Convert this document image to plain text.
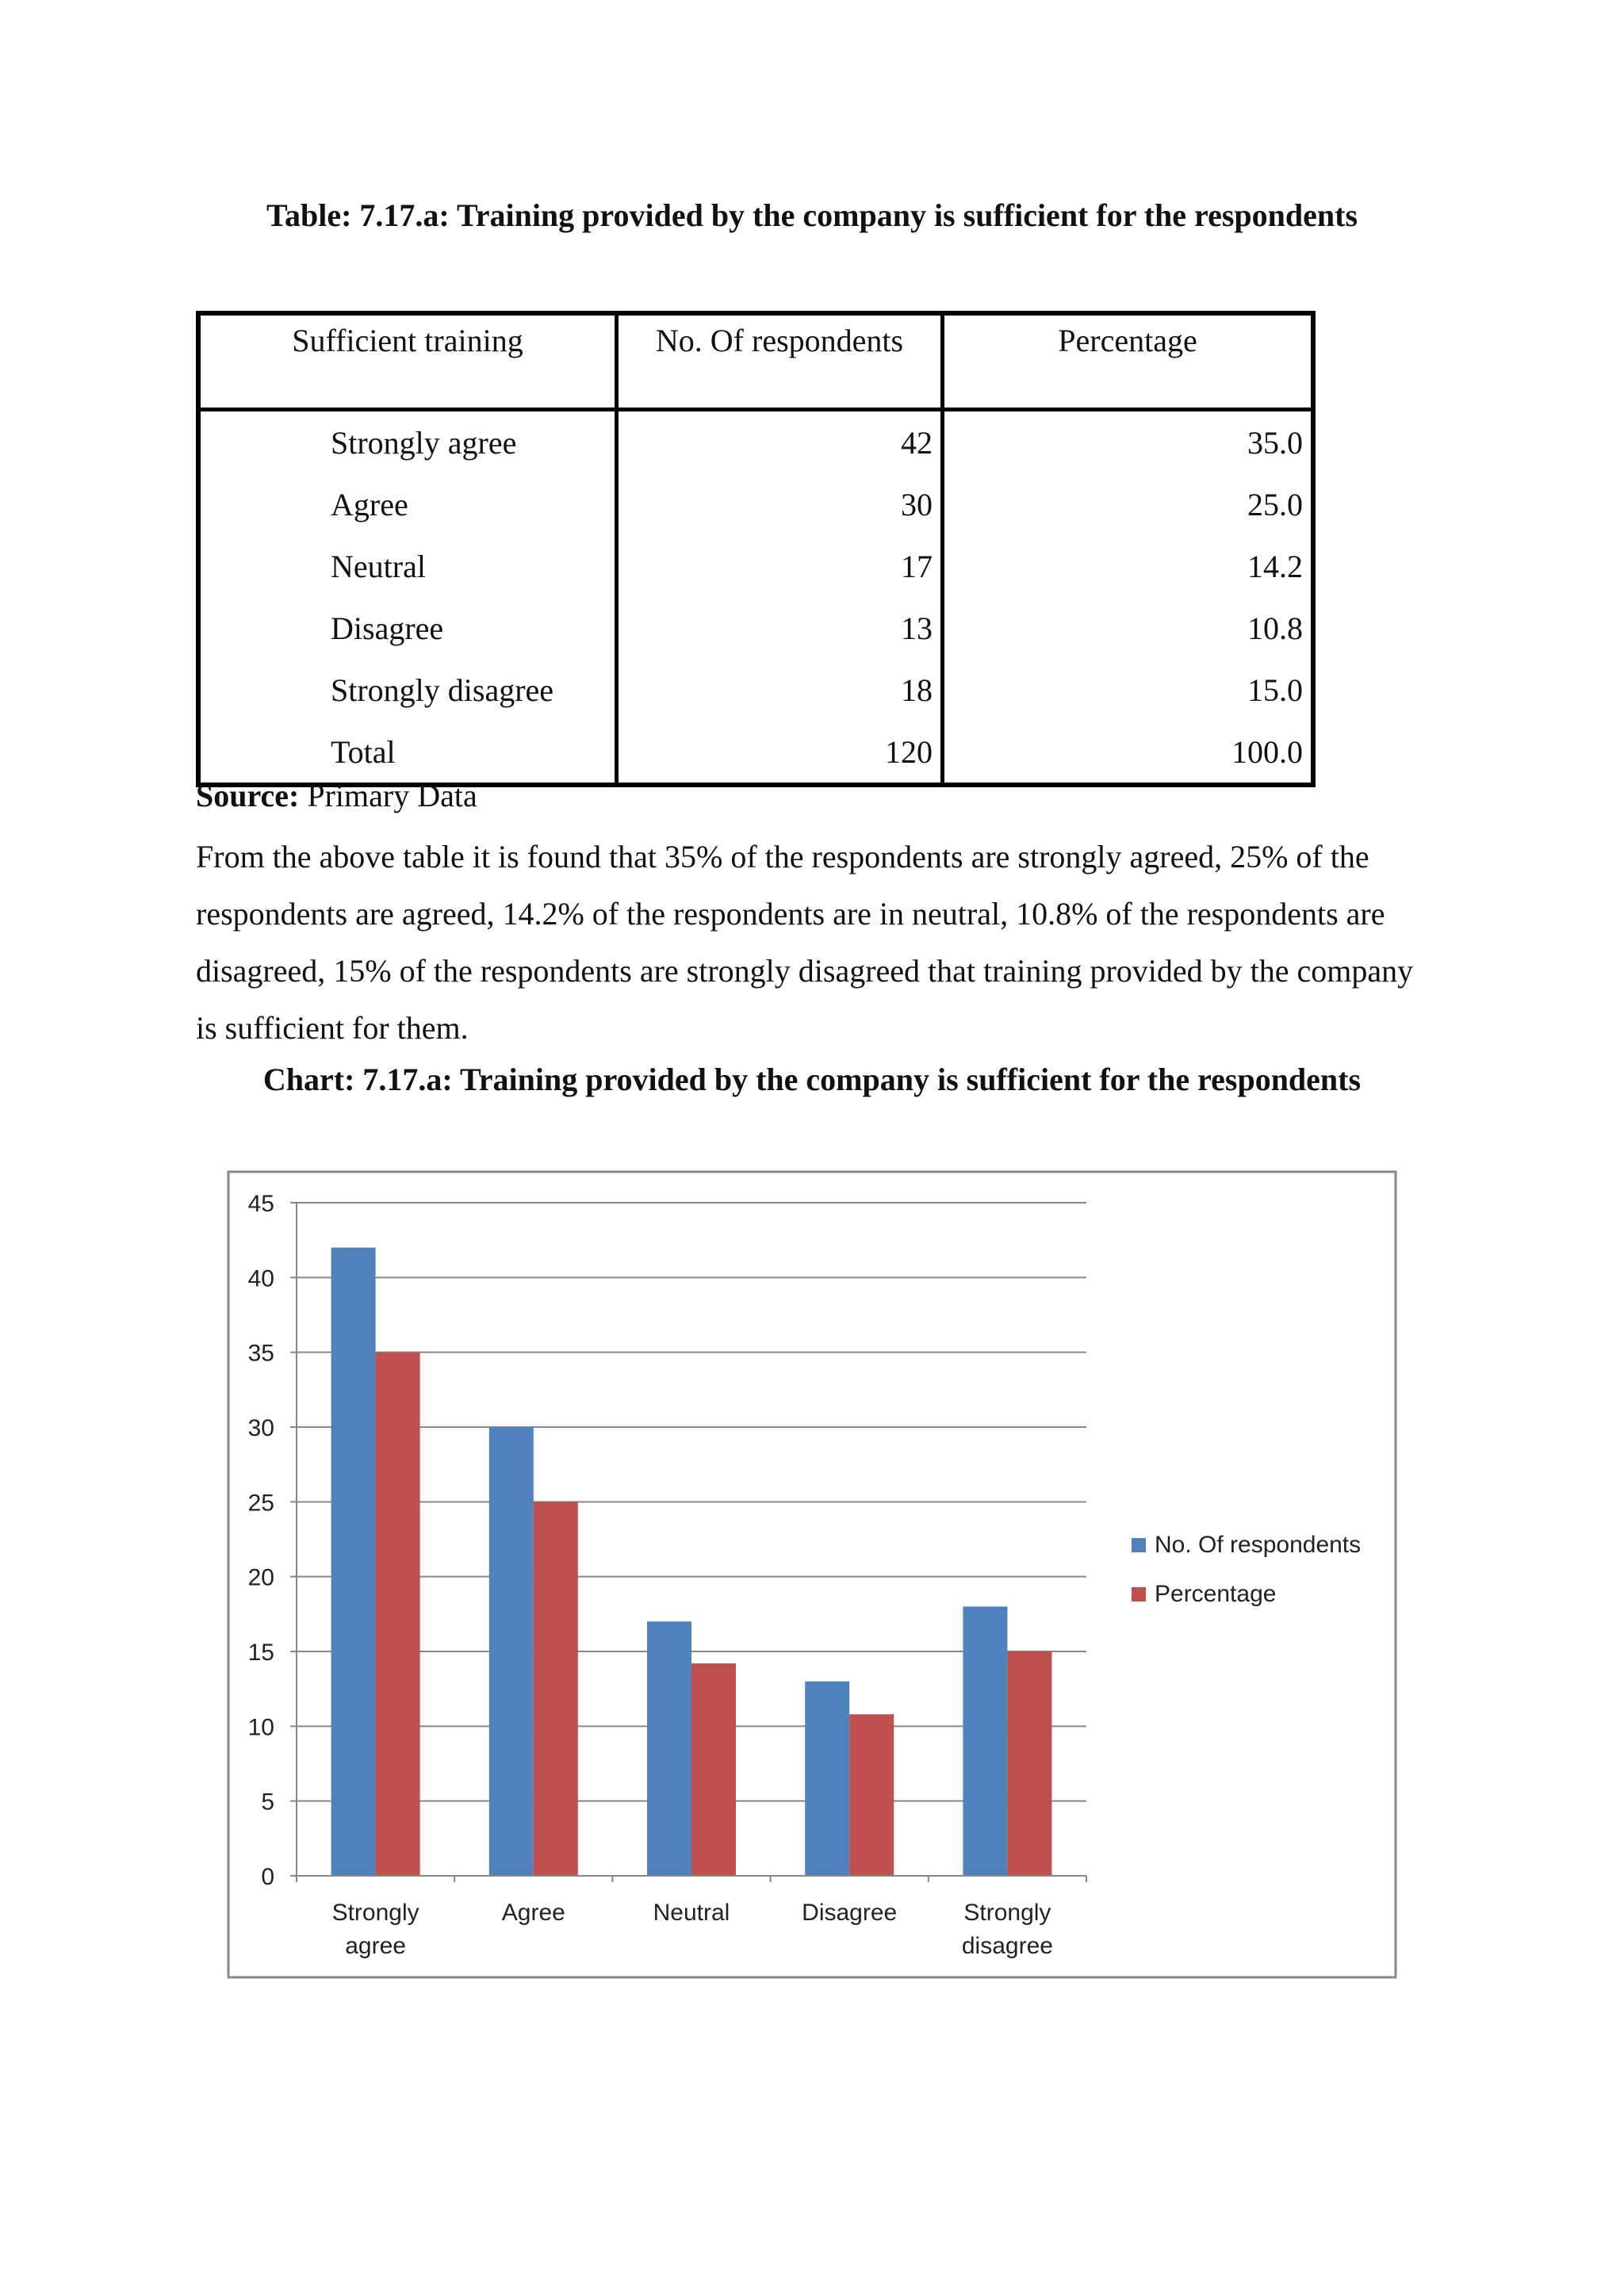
Table: 7.17.a: Training provided by the company is sufficient for the respondents
Sufficient training	No. Of respondents	Percentage
Strongly agree	42	35.0
Agree	30	25.0
Neutral	17	14.2
Disagree	13	10.8
Strongly disagree	18	15.0
Total	120	100.0
Source: Primary Data
From the above table it is found that 35% of the respondents are strongly agreed, 25% of the respondents are agreed, 14.2% of the respondents are in neutral, 10.8% of the respondents are disagreed, 15% of the respondents are strongly disagreed that training provided by the company is sufficient for them.
Chart: 7.17.a: Training provided by the company is sufficient for the respondents
0
5
10
15
20
25
30
35
40
45
Strongly
agree
Agree	Neutral	Disagree	Strongly
disagree
No. Of respondents
Percentage
